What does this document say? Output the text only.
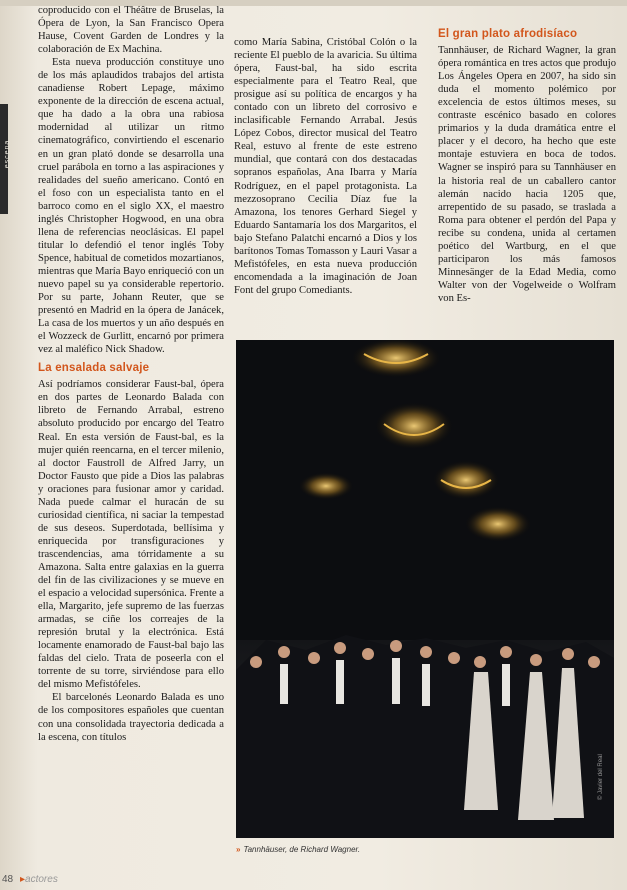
escena

coproducido con el Théâtre de Bruselas, la Ópera de Lyon, la San Francisco Opera Hause, Covent Garden de Londres y la colaboración de Ex Machina.

Esta nueva producción constituye uno de los más aplaudidos trabajos del artista canadiense Robert Lepage, máximo exponente de la dirección de escena actual, que ha dado a la obra una rabiosa modernidad al utilizar un ritmo cinematográfico, convirtiendo el escenario en un gran plató donde se desarrolla una cruel parábola en torno a las aspiraciones y realidades del sueño americano. Contó en el foso con un especialista tanto en el barroco como en el siglo XX, el maestro inglés Christopher Hogwood, en una obra llena de referencias neoclásicas. El papel titular lo defendió el tenor inglés Toby Spence, habitual de cometidos mozartianos, mientras que María Bayo enriqueció con un nuevo papel su ya considerable repertorio. Por su parte, Johann Reuter, que se presentó en Madrid en la ópera de Janácek, La casa de los muertos y un año después en el Wozzeck de Gurlitt, encarnó por primera vez al maléfico Nick Shadow.

La ensalada salvaje

Así podríamos considerar Faust-bal, ópera en dos partes de Leonardo Balada con libreto de Fernando Arrabal, estreno absoluto producido por encargo del Teatro Real. En esta versión de Faust-bal, es la mujer quién reencarna, en el tercer milenio, al doctor Faustroll de Alfred Jarry, un Doctor Fausto que pide a Dios las palabras y oraciones para fusionar amor y caridad. Nada puede calmar el huracán de su curiosidad científica, ni saciar la tempestad de sus deseos. Superdotada, bellísima y enriquecida por transfiguraciones y trascendencias, ama tórridamente a su Amazona. Salta entre galaxias en la guerra del fin de las civilizaciones y se mueve en el espacio a velocidad supersónica. Frente a ella, Margarito, jefe supremo de las fuerzas armadas, se ciñe los correajes de la represión brutal y la electrónica. Está locamente enamorado de Faust-bal bajo las faldas del cielo. Trata de poseerla con el torrente de su torre, sirviéndose para ello del mismo Mefistófeles.

El barcelonés Leonardo Balada es uno de los compositores españoles que cuentan con una consolidada trayectoria dedicada a la escena, con títulos

como María Sabina, Cristóbal Colón o la reciente El pueblo de la avaricia. Su última ópera, Faust-bal, ha sido escrita especialmente para el Teatro Real, que prosigue así su política de encargos y ha contado con un libreto del corrosivo e inclasificable Fernando Arrabal. Jesús López Cobos, director musical del Teatro Real, estuvo al frente de este estreno mundial, que contará con dos destacadas sopranos españolas, Ana Ibarra y María Rodríguez, en el papel protagonista. La mezzosoprano Cecilia Díaz fue la Amazona, los tenores Gerhard Siegel y Eduardo Santamaría los dos Margaritos, el bajo Stefano Palatchi encarnó a Dios y los barítonos Tomas Tomasson y Lauri Vasar a Mefistófeles, en esta nueva producción encomendada a la imaginación de Joan Font del grupo Comediants.

El gran plato afrodisíaco

Tannhäuser, de Richard Wagner, la gran ópera romántica en tres actos que produjo Los Ángeles Opera en 2007, ha sido sin duda el momento polémico por excelencia de estos últimos meses, su contraste escénico basado en colores primarios y la duda dramática entre el placer y el decoro, ha hecho que este montaje estuviera en boca de todos. Wagner se inspiró para su Tannhäuser en la historia real de un caballero cantor alemán nacido hacia 1205 que, arrepentido de su pasado, se traslada a Roma para obtener el perdón del Papa y recibe su condena, unida al certamen poético del Wartburg, en el que participaron los más famosos Minnesänger de la Edad Media, como Walter von der Vogelweide o Wolfram von Es-

© Javier del Real
» Tannhäuser, de Richard Wagner.
48 ▸actores
